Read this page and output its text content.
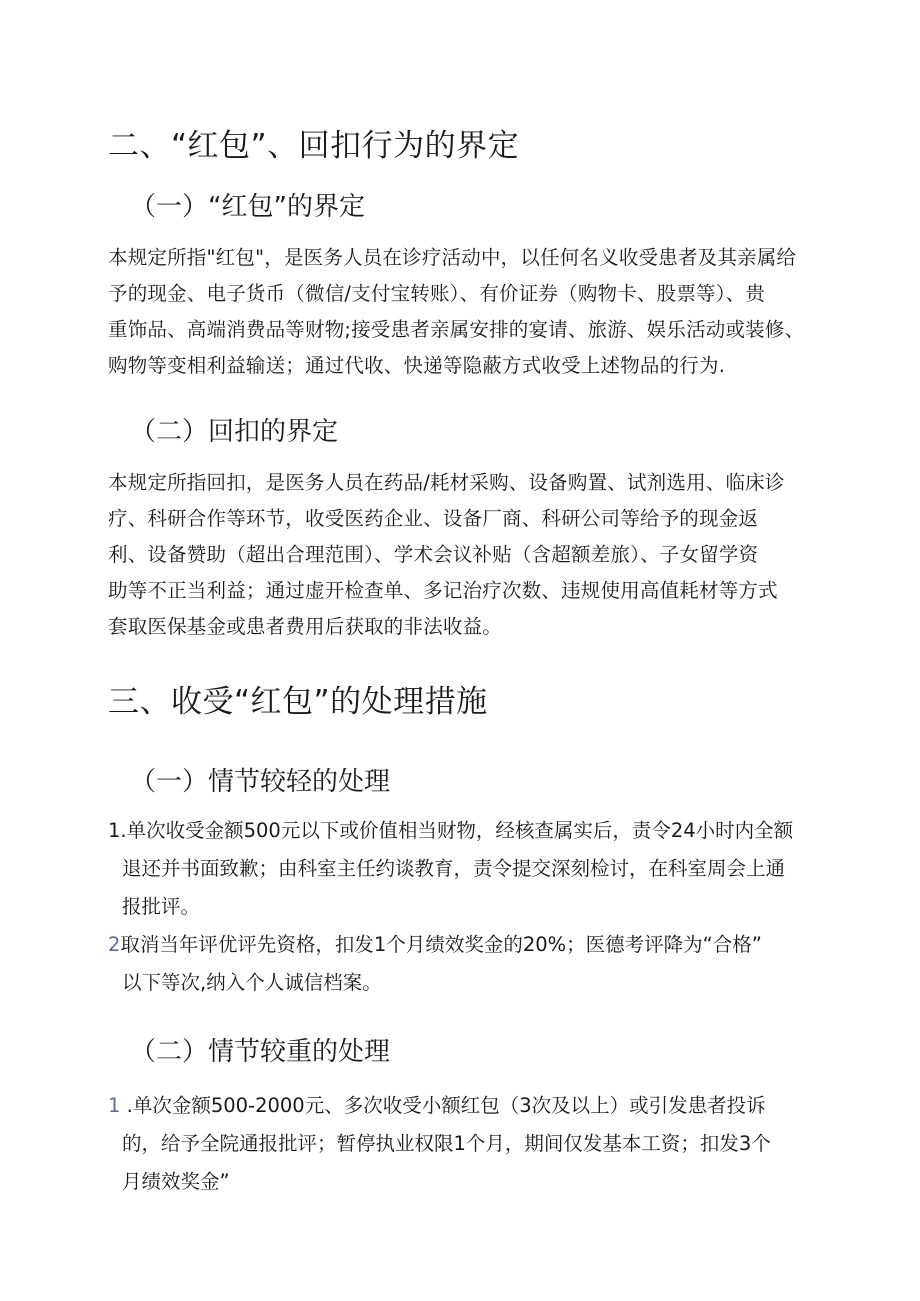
二、“红包”、回扣行为的界定
（一）“红包”的界定

本规定所指"红包"，是医务人员在诊疗活动中，以任何名义收受患者及其亲属给
予的现金、电子货币（微信/支付宝转账）、有价证券（购物卡、股票等）、贵
重饰品、高端消费品等财物;接受患者亲属安排的宴请、旅游、娱乐活动或装修、
购物等变相利益输送；通过代收、快递等隐蔽方式收受上述物品的行为.

（二）回扣的界定

本规定所指回扣，是医务人员在药品/耗材采购、设备购置、试剂选用、临床诊
疗、科研合作等环节，收受医药企业、设备厂商、科研公司等给予的现金返
利、设备赞助（超出合理范围）、学术会议补贴（含超额差旅）、子女留学资
助等不正当利益；通过虚开检查单、多记治疗次数、违规使用高值耗材等方式
套取医保基金或患者费用后获取的非法收益。

三、收受“红包”的处理措施
（一）情节较轻的处理
1.单次收受金额500元以下或价值相当财物，经核查属实后，责令24小时内全额
退还并书面致歉；由科室主任约谈教育，责令提交深刻检讨，在科室周会上通
报批评。
2取消当年评优评先资格，扣发1个月绩效奖金的20%；医德考评降为“合格”
以下等次,纳入个人诚信档案。
（二）情节较重的处理
1 .单次金额500-2000元、多次收受小额红包（3次及以上）或引发患者投诉
的，给予全院通报批评；暂停执业权限1个月，期间仅发基本工资；扣发3个
月绩效奖金”
